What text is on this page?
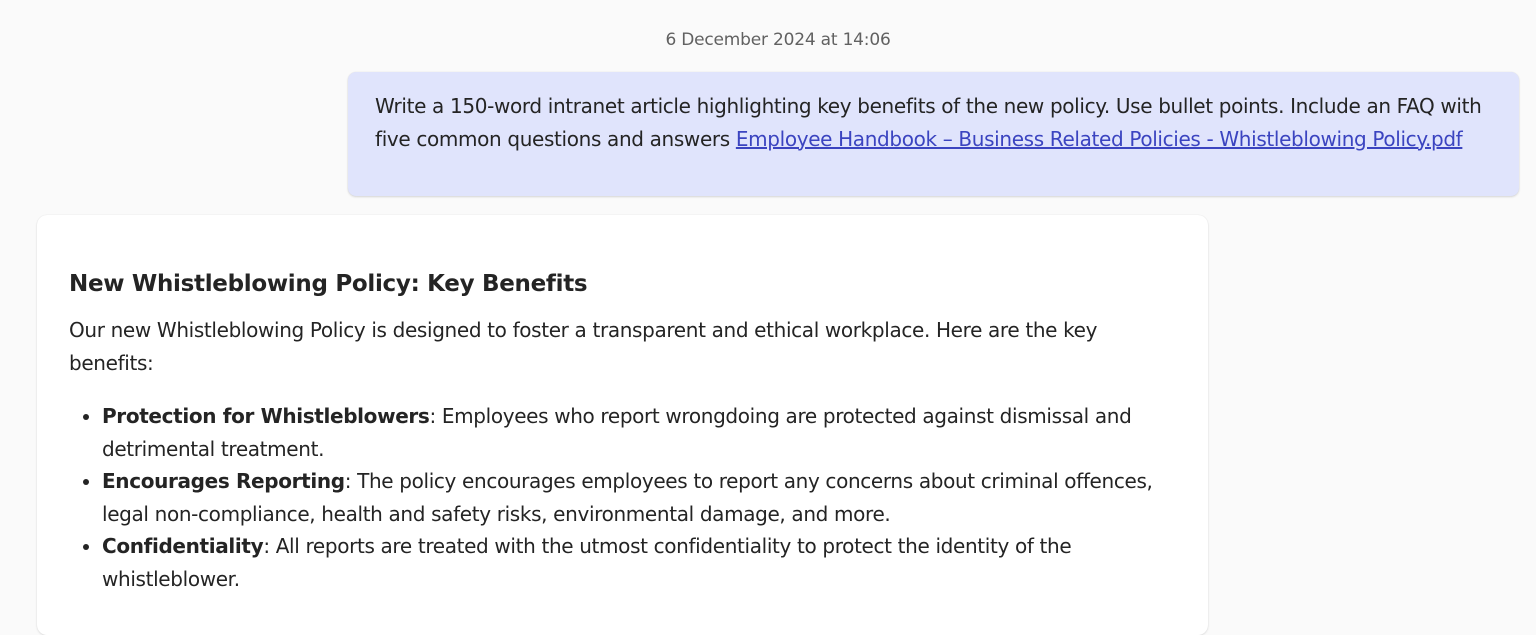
6 December 2024 at 14:06
Write a 150-word intranet article highlighting key benefits of the new policy. Use bullet points. Include an FAQ with five common questions and answers Employee Handbook – Business Related Policies - Whistleblowing Policy.pdf
New Whistleblowing Policy: Key Benefits

Our new Whistleblowing Policy is designed to foster a transparent and ethical workplace. Here are the key benefits:

• Protection for Whistleblowers: Employees who report wrongdoing are protected against dismissal and detrimental treatment.
• Encourages Reporting: The policy encourages employees to report any concerns about criminal offences, legal non-compliance, health and safety risks, environmental damage, and more.
• Confidentiality: All reports are treated with the utmost confidentiality to protect the identity of the whistleblower.
